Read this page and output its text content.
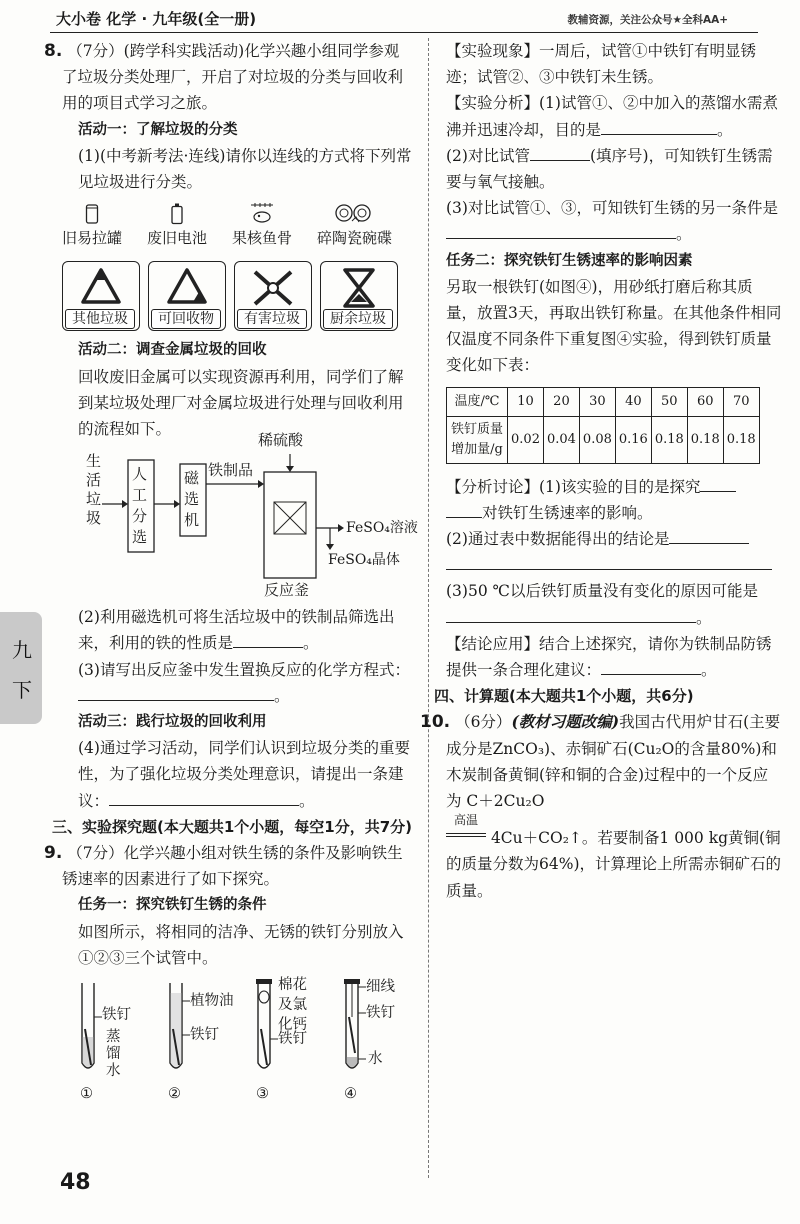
大小卷 化学 · 九年级(全一册)	教辅资源，关注公众号★全科AA+
九
下

8. （7分）(跨学科实践活动)化学兴趣小组同学参观了垃圾分类处理厂，开启了对垃圾的分类与回收利用的项目式学习之旅。

活动一：了解垃圾的分类

(1)(中考新考法·连线)请你以连线的方式将下列常见垃圾进行分类。

旧易拉罐 废旧电池 果核鱼骨 碎陶瓷碗碟
其他垃圾	可回收物	有害垃圾	厨余垃圾

活动二：调查金属垃圾的回收

回收废旧金属可以实现资源再利用，同学们了解到某垃圾处理厂对金属垃圾进行处理与回收利用的流程如下。

生活垃圾
人工分选
磁选机
铁制品
稀硫酸
FeSO₄溶液
FeSO₄晶体
反应釜

(2)利用磁选机可将生活垃圾中的铁制品筛选出来，利用的铁的性质是	。

(3)请写出反应釜中发生置换反应的化学方程式：。

活动三：践行垃圾的回收利用

(4)通过学习活动，同学们认识到垃圾分类的重要性，为了强化垃圾分类处理意识，请提出一条建议：	。

三、实验探究题(本大题共1个小题，每空1分，共7分)

9. （7分）化学兴趣小组对铁生锈的条件及影响铁生锈速率的因素进行了如下探究。

任务一：探究铁钉生锈的条件

如图所示，将相同的洁净、无锈的铁钉分别放入①②③三个试管中。

铁钉
蒸馏水
植物油
铁钉
棉花及氯化钙
铁钉
细线
铁钉
水
①	②	③	④

【实验现象】一周后，试管①中铁钉有明显锈迹；试管②、③中铁钉未生锈。

【实验分析】(1)试管①、②中加入的蒸馏水需煮沸并迅速冷却，目的是	。

(2)对比试管	(填序号)，可知铁钉生锈需要与氧气接触。

(3)对比试管①、③，可知铁钉生锈的另一条件是。

任务二：探究铁钉生锈速率的影响因素

另取一根铁钉(如图④)，用砂纸打磨后称其质量，放置3天，再取出铁钉称量。在其他条件相同仅温度不同条件下重复图④实验，得到铁钉质量变化如下表：

温度/℃	10	20	30	40	50	60	70
铁钉质量
增加量/g	0.02	0.04	0.08	0.16	0.18	0.18	0.18

【分析讨论】(1)该实验的目的是探究
对铁钉生锈速率的影响。

(2)通过表中数据能得出的结论是

(3)50 ℃以后铁钉质量没有变化的原因可能是。

【结论应用】结合上述探究，请你为铁制品防锈提供一条合理化建议：	。

四、计算题(本大题共1个小题，共6分)

10. （6分）(教材习题改编)我国古代用炉甘石(主要成分是ZnCO₃)、赤铜矿石(Cu₂O的含量80%)和木炭制备黄铜(锌和铜的合金)过程中的一个反应为 C＋2Cu₂O
高温
4Cu＋CO₂↑。若要制备1 000 kg黄铜(铜的质量分数为64%)，计算理论上所需赤铜矿石的质量。

48
